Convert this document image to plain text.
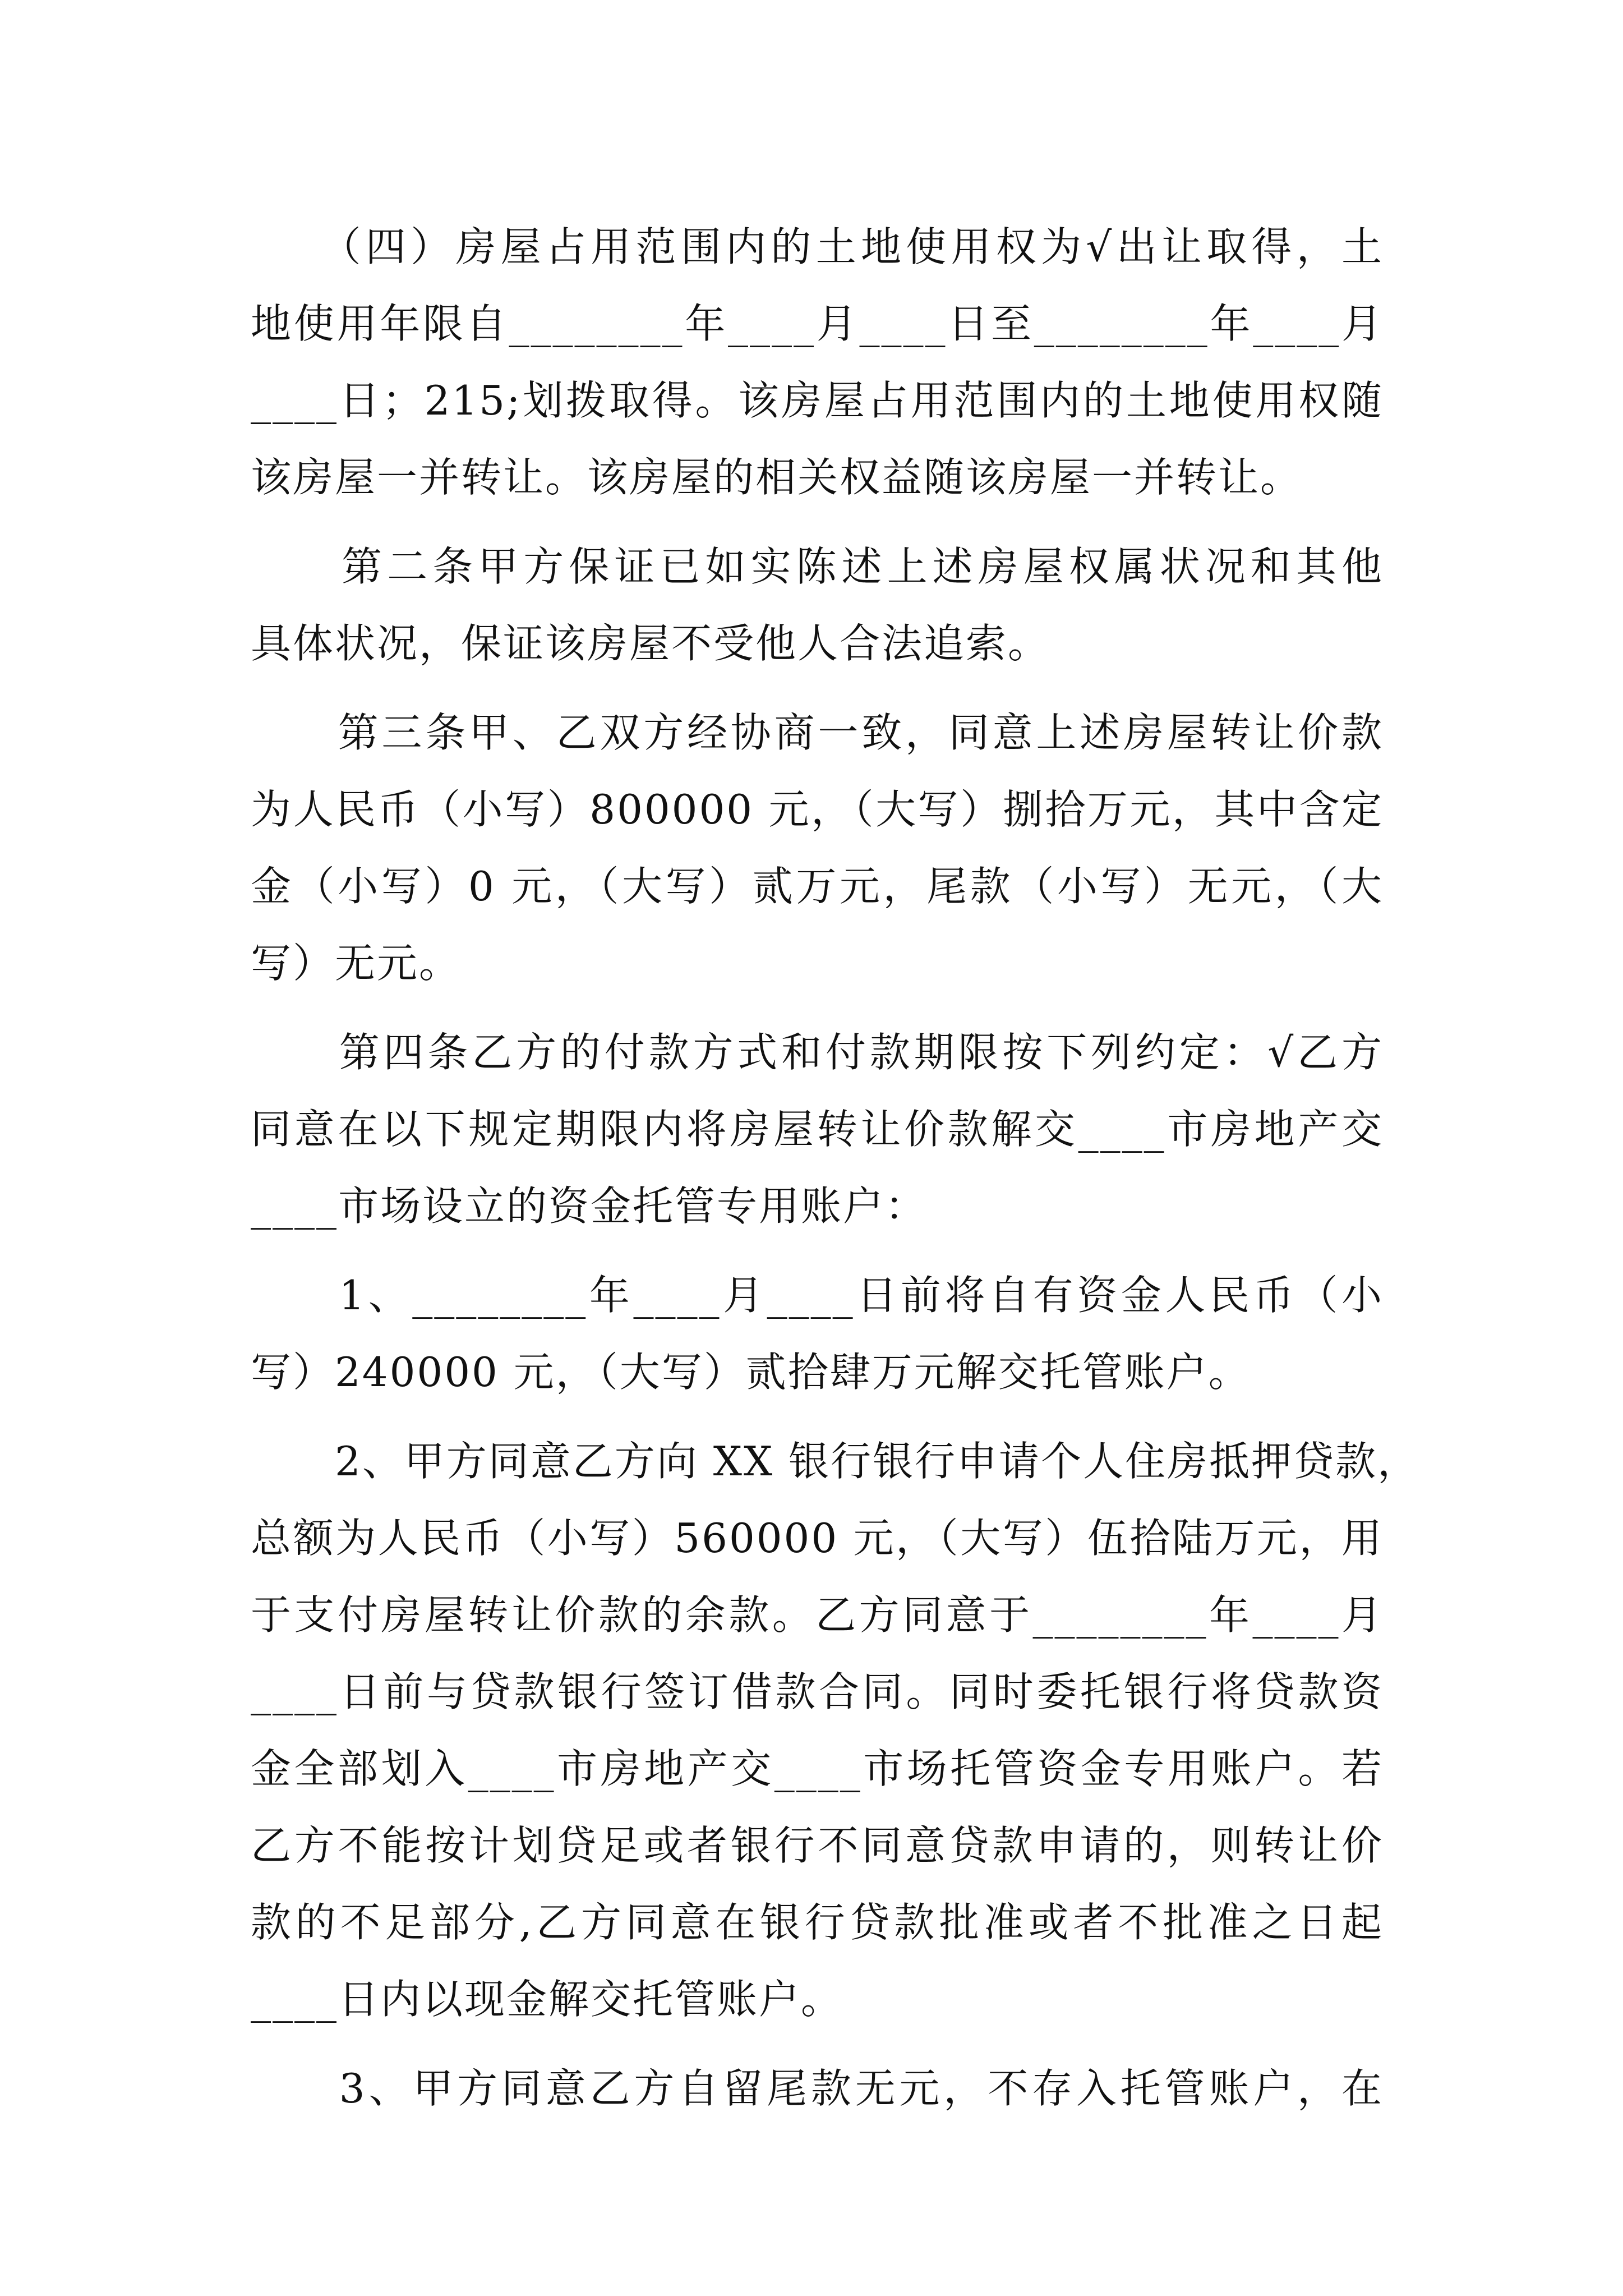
　　（四）房屋占用范围内的土地使用权为√出让取得，土
地使用年限自________年____月____日至________年____月
____日；215;划拨取得。该房屋占用范围内的土地使用权随
该房屋一并转让。该房屋的相关权益随该房屋一并转让。
　　第二条甲方保证已如实陈述上述房屋权属状况和其他
具体状况，保证该房屋不受他人合法追索。
　　第三条甲、乙双方经协商一致，同意上述房屋转让价款
为人民币（小写）800000 元，（大写）捌拾万元，其中含定
金（小写）0 元，（大写）贰万元，尾款（小写）无元，（大
写）无元。
　　第四条乙方的付款方式和付款期限按下列约定：√乙方
同意在以下规定期限内将房屋转让价款解交____市房地产交
____市场设立的资金托管专用账户：
　　1、________年____月____日前将自有资金人民币（小
写）240000 元，（大写）贰拾肆万元解交托管账户。
　　2、甲方同意乙方向 XX 银行银行申请个人住房抵押贷款，
总额为人民币（小写）560000 元，（大写）伍拾陆万元，用
于支付房屋转让价款的余款。乙方同意于________年____月
____日前与贷款银行签订借款合同。同时委托银行将贷款资
金全部划入____市房地产交____市场托管资金专用账户。若
乙方不能按计划贷足或者银行不同意贷款申请的，则转让价
款的不足部分,乙方同意在银行贷款批准或者不批准之日起
____日内以现金解交托管账户。
　　3、甲方同意乙方自留尾款无元，不存入托管账户，在
